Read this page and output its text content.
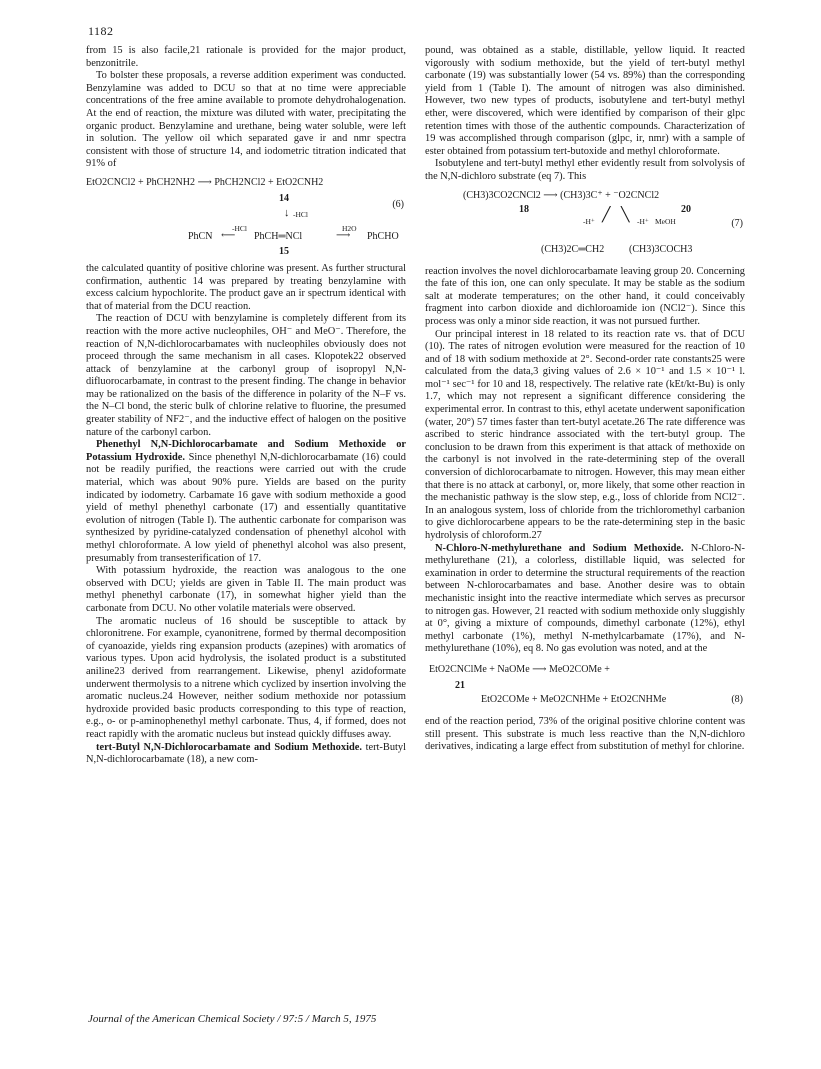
1182

from 15 is also facile,21 rationale is provided for the major product, benzonitrile.

To bolster these proposals, a reverse addition experiment was conducted. Benzylamine was added to DCU so that at no time were appreciable concentrations of the free amine available to promote dehydrohalogenation. At the end of reaction, the mixture was diluted with water, precipitating the organic product. Benzylamine and urethane, being water soluble, were left in solution. The yellow oil which separated gave ir and nmr spectra consistent with those of structure 14, and iodometric titration indicated that 91% of

EtO2CNCl2 + PhCH2NH2 ⟶ PhCH2NCl2 + EtO2CNH2
14
(6)
↓ -HCl
-HCl	H2O
PhCN ⟵ PhCH═NCl	⟶ PhCHO
15

the calculated quantity of positive chlorine was present. As further structural confirmation, authentic 14 was prepared by treating benzylamine with excess calcium hypochlorite. The product gave an ir spectrum identical with that of material from the DCU reaction.

The reaction of DCU with benzylamine is completely different from its reaction with the more active nucleophiles, OH⁻ and MeO⁻. Therefore, the reaction of N,N-dichlorocarbamates with nucleophiles obviously does not proceed through the same mechanism in all cases. Klopotek22 observed attack of benzylamine at the carbonyl group of isopropyl N,N-difluorocarbamate, in contrast to the present finding. The change in behavior may be rationalized on the basis of the difference in polarity of the N–F vs. the N–Cl bond, the steric bulk of chlorine relative to fluorine, the presumed greater stability of NF2⁻, and the inductive effect of halogen on the positive nature of the carbonyl carbon.

Phenethyl N,N-Dichlorocarbamate and Sodium Methoxide or Potassium Hydroxide. Since phenethyl N,N-dichlorocarbamate (16) could not be readily purified, the reactions were carried out with the crude material, which was about 90% pure. Yields are based on the purity indicated by iodometry. Carbamate 16 gave with sodium methoxide a good yield of methyl phenethyl carbonate (17) and essentially quantitative evolution of nitrogen (Table I). The authentic carbonate for comparison was synthesized by pyridine-catalyzed condensation of phenethyl alcohol with methyl chloroformate. A low yield of phenethyl alcohol was also present, presumably from transesterification of 17.

With potassium hydroxide, the reaction was analogous to the one observed with DCU; yields are given in Table II. The main product was methyl phenethyl carbonate (17), in somewhat higher yield than the carbonate from DCU. No other volatile materials were observed.

The aromatic nucleus of 16 should be susceptible to attack by chloronitrene. For example, cyanonitrene, formed by thermal decomposition of cyanoazide, yields ring expansion products (azepines) with aromatics of various types. Upon acid hydrolysis, the isolated product is a substituted aniline23 derived from rearrangement. Likewise, phenyl azidoformate underwent thermolysis to a nitrene which cyclized by insertion involving the aromatic nucleus.24 However, neither sodium methoxide nor potassium hydroxide provided basic products corresponding to this type of reaction, e.g., o- or p-aminophenethyl methyl carbonate. Thus, 4, if formed, does not react rapidly with the aromatic nucleus but instead quickly diffuses away.

tert-Butyl N,N-Dichlorocarbamate and Sodium Methoxide. tert-Butyl N,N-dichlorocarbamate (18), a new com-

pound, was obtained as a stable, distillable, yellow liquid. It reacted vigorously with sodium methoxide, but the yield of tert-butyl methyl carbonate (19) was substantially lower (54 vs. 89%) than the corresponding yield from 1 (Table I). The amount of nitrogen was also diminished. However, two new types of products, isobutylene and tert-butyl methyl ether, were discovered, which were identified by comparison of their glpc retention times with those of the authentic compounds. Characterization of 19 was accomplished through comparison (glpc, ir, nmr) with a sample of ester obtained from potassium tert-butoxide and methyl chloroformate.

Isobutylene and tert-butyl methyl ether evidently result from solvolysis of the N,N-dichloro substrate (eq 7). This

(CH3)3CO2CNCl2 ⟶ (CH3)3C⁺ + ⁻O2CNCl2
18	20
-H⁺ ╱ ╲ -H⁺ MeOH	(7)
(CH3)2C═CH2 (CH3)3COCH3

reaction involves the novel dichlorocarbamate leaving group 20. Concerning the fate of this ion, one can only speculate. It may be stable as the sodium salt at moderate temperatures; on the other hand, it could conceivably fragment into carbon dioxide and dichloroamide ion (NCl2⁻). Since this process was only a minor side reaction, it was not pursued further.

Our principal interest in 18 related to its reaction rate vs. that of DCU (10). The rates of nitrogen evolution were measured for the reaction of 10 and of 18 with sodium methoxide at 2°. Second-order rate constants25 were calculated from the data,3 giving values of 2.6 × 10⁻¹ and 1.5 × 10⁻¹ l. mol⁻¹ sec⁻¹ for 10 and 18, respectively. The relative rate (kEt/kt-Bu) is only 1.7, which may not represent a significant difference considering the experimental error. In contrast to this, ethyl acetate underwent saponification (water, 20°) 57 times faster than tert-butyl acetate.26 The rate difference was ascribed to steric hindrance associated with the tert-butyl group. The conclusion to be drawn from this experiment is that attack of methoxide on the carbonyl is not involved in the rate-determining step of the overall conversion of dichlorocarbamate to nitrogen. However, this may mean either that there is no attack at carbonyl, or, more likely, that some other reaction in the mechanistic pathway is the slow step, e.g., loss of chloride from NCl2⁻. In an analogous system, loss of chloride from the trichloromethyl carbanion to give dichlorocarbene appears to be the rate-determining step in the basic hydrolysis of chloroform.27

N-Chloro-N-methylurethane and Sodium Methoxide. N-Chloro-N-methylurethane (21), a colorless, distillable liquid, was selected for examination in order to determine the structural requirements of the reaction between N-chlorocarbamates and base. Another desire was to obtain mechanistic insight into the reactive intermediate which serves as precursor to nitrogen gas. However, 21 reacted with sodium methoxide only sluggishly at 0°, giving a mixture of compounds, dimethyl carbonate (12%), ethyl methyl carbonate (1%), methyl N-methylcarbamate (17%), and N-methylurethane (10%), eq 8. No gas evolution was noted, and at the

EtO2CNClMe + NaOMe ⟶ MeO2COMe +
21
EtO2COMe + MeO2CNHMe + EtO2CNHMe	(8)

end of the reaction period, 73% of the original positive chlorine content was still present. This substrate is much less reactive than the N,N-dichloro derivatives, indicating a large effect from substitution of methyl for chlorine.

Journal of the American Chemical Society / 97:5 / March 5, 1975
